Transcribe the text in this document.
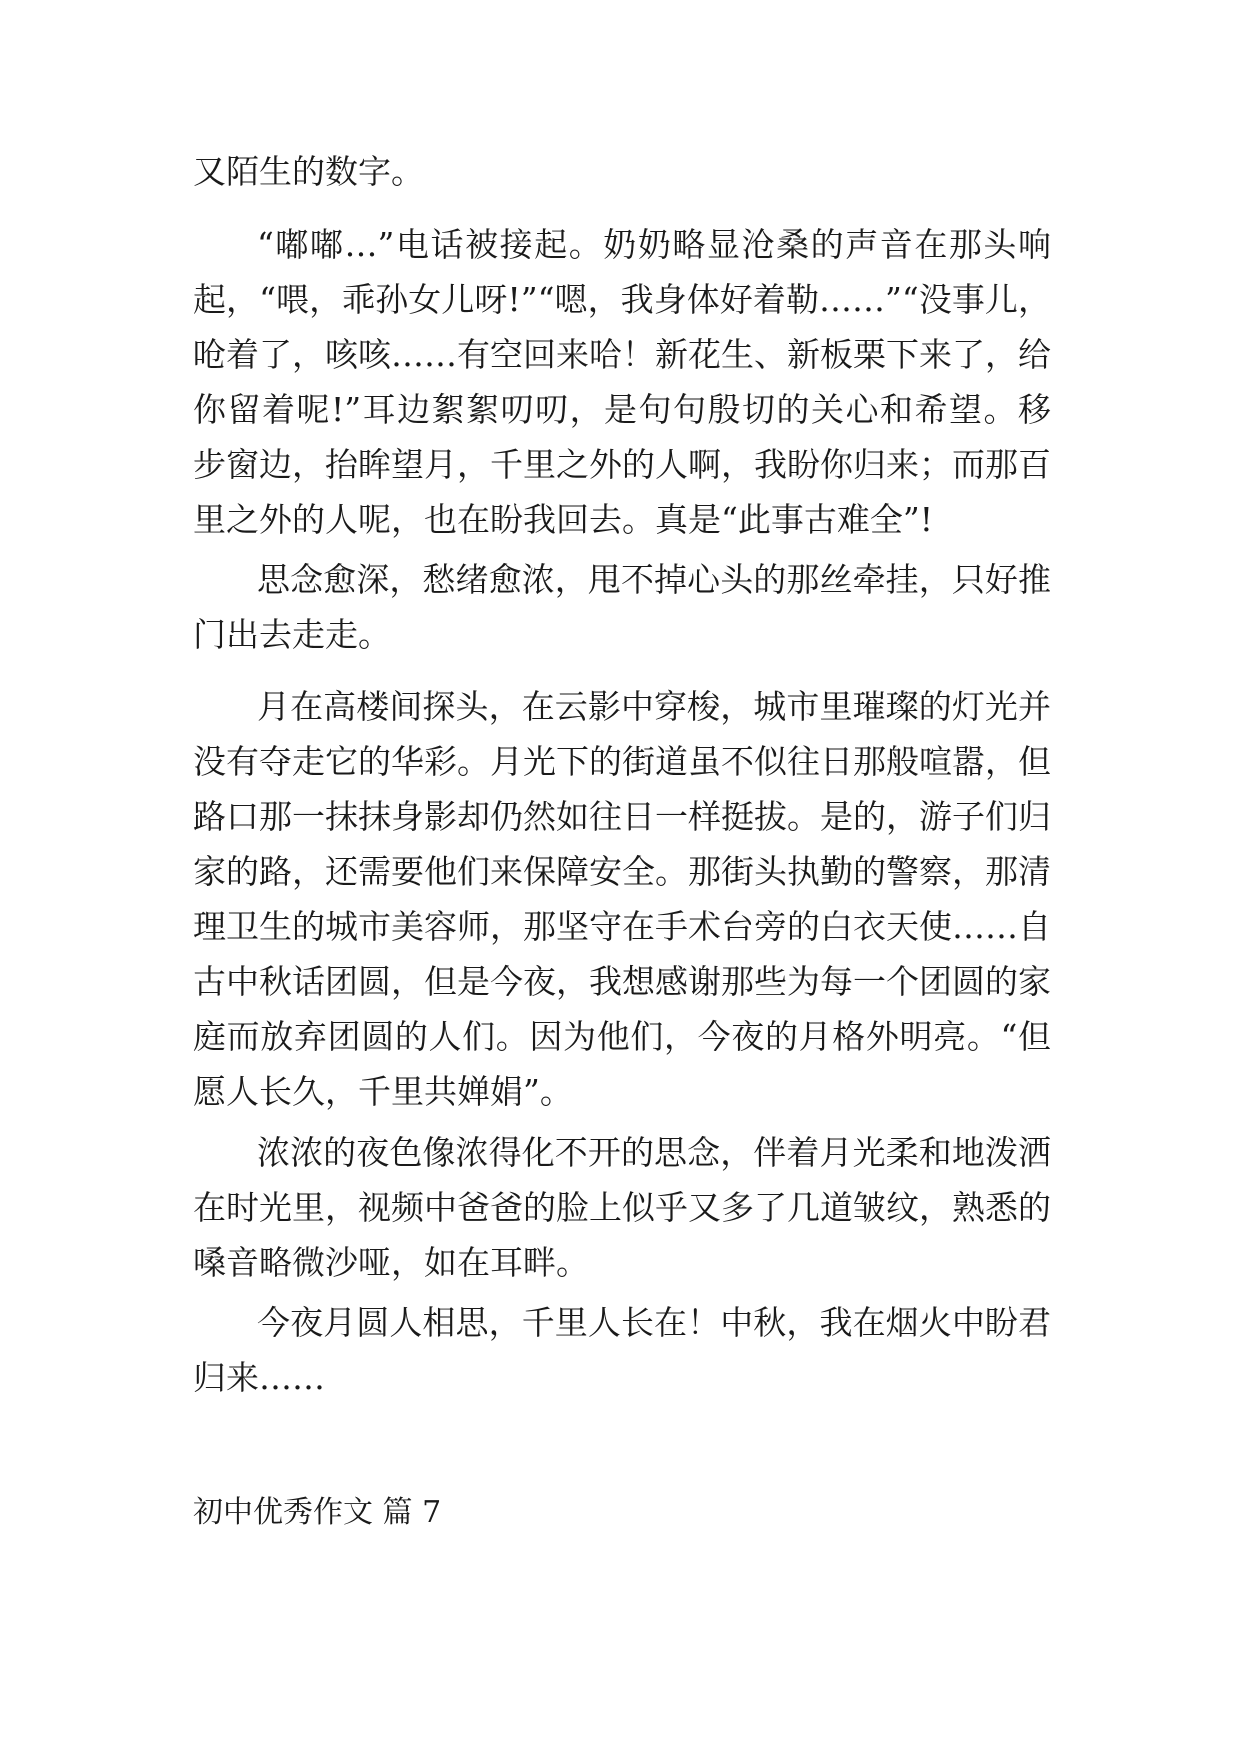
又陌生的数字。
“嘟嘟…”电话被接起。奶奶略显沧桑的声音在那头响
起，“喂，乖孙女儿呀!”“嗯，我身体好着勒……”“没事儿，
呛着了，咳咳……有空回来哈！新花生、新板栗下来了，给
你留着呢!”耳边絮絮叨叨，是句句殷切的关心和希望。移
步窗边，抬眸望月，千里之外的人啊，我盼你归来；而那百
里之外的人呢，也在盼我回去。真是“此事古难全”!
思念愈深，愁绪愈浓，甩不掉心头的那丝牵挂，只好推
门出去走走。
月在高楼间探头，在云影中穿梭，城市里璀璨的灯光并
没有夺走它的华彩。月光下的街道虽不似往日那般喧嚣，但
路口那一抹抹身影却仍然如往日一样挺拔。是的，游子们归
家的路，还需要他们来保障安全。那街头执勤的警察，那清
理卫生的城市美容师，那坚守在手术台旁的白衣天使……自
古中秋话团圆，但是今夜，我想感谢那些为每一个团圆的家
庭而放弃团圆的人们。因为他们，今夜的月格外明亮。“但
愿人长久，千里共婵娟”。
浓浓的夜色像浓得化不开的思念，伴着月光柔和地泼洒
在时光里，视频中爸爸的脸上似乎又多了几道皱纹，熟悉的
嗓音略微沙哑，如在耳畔。
今夜月圆人相思，千里人长在！中秋，我在烟火中盼君
归来……
初中优秀作文 篇 7
